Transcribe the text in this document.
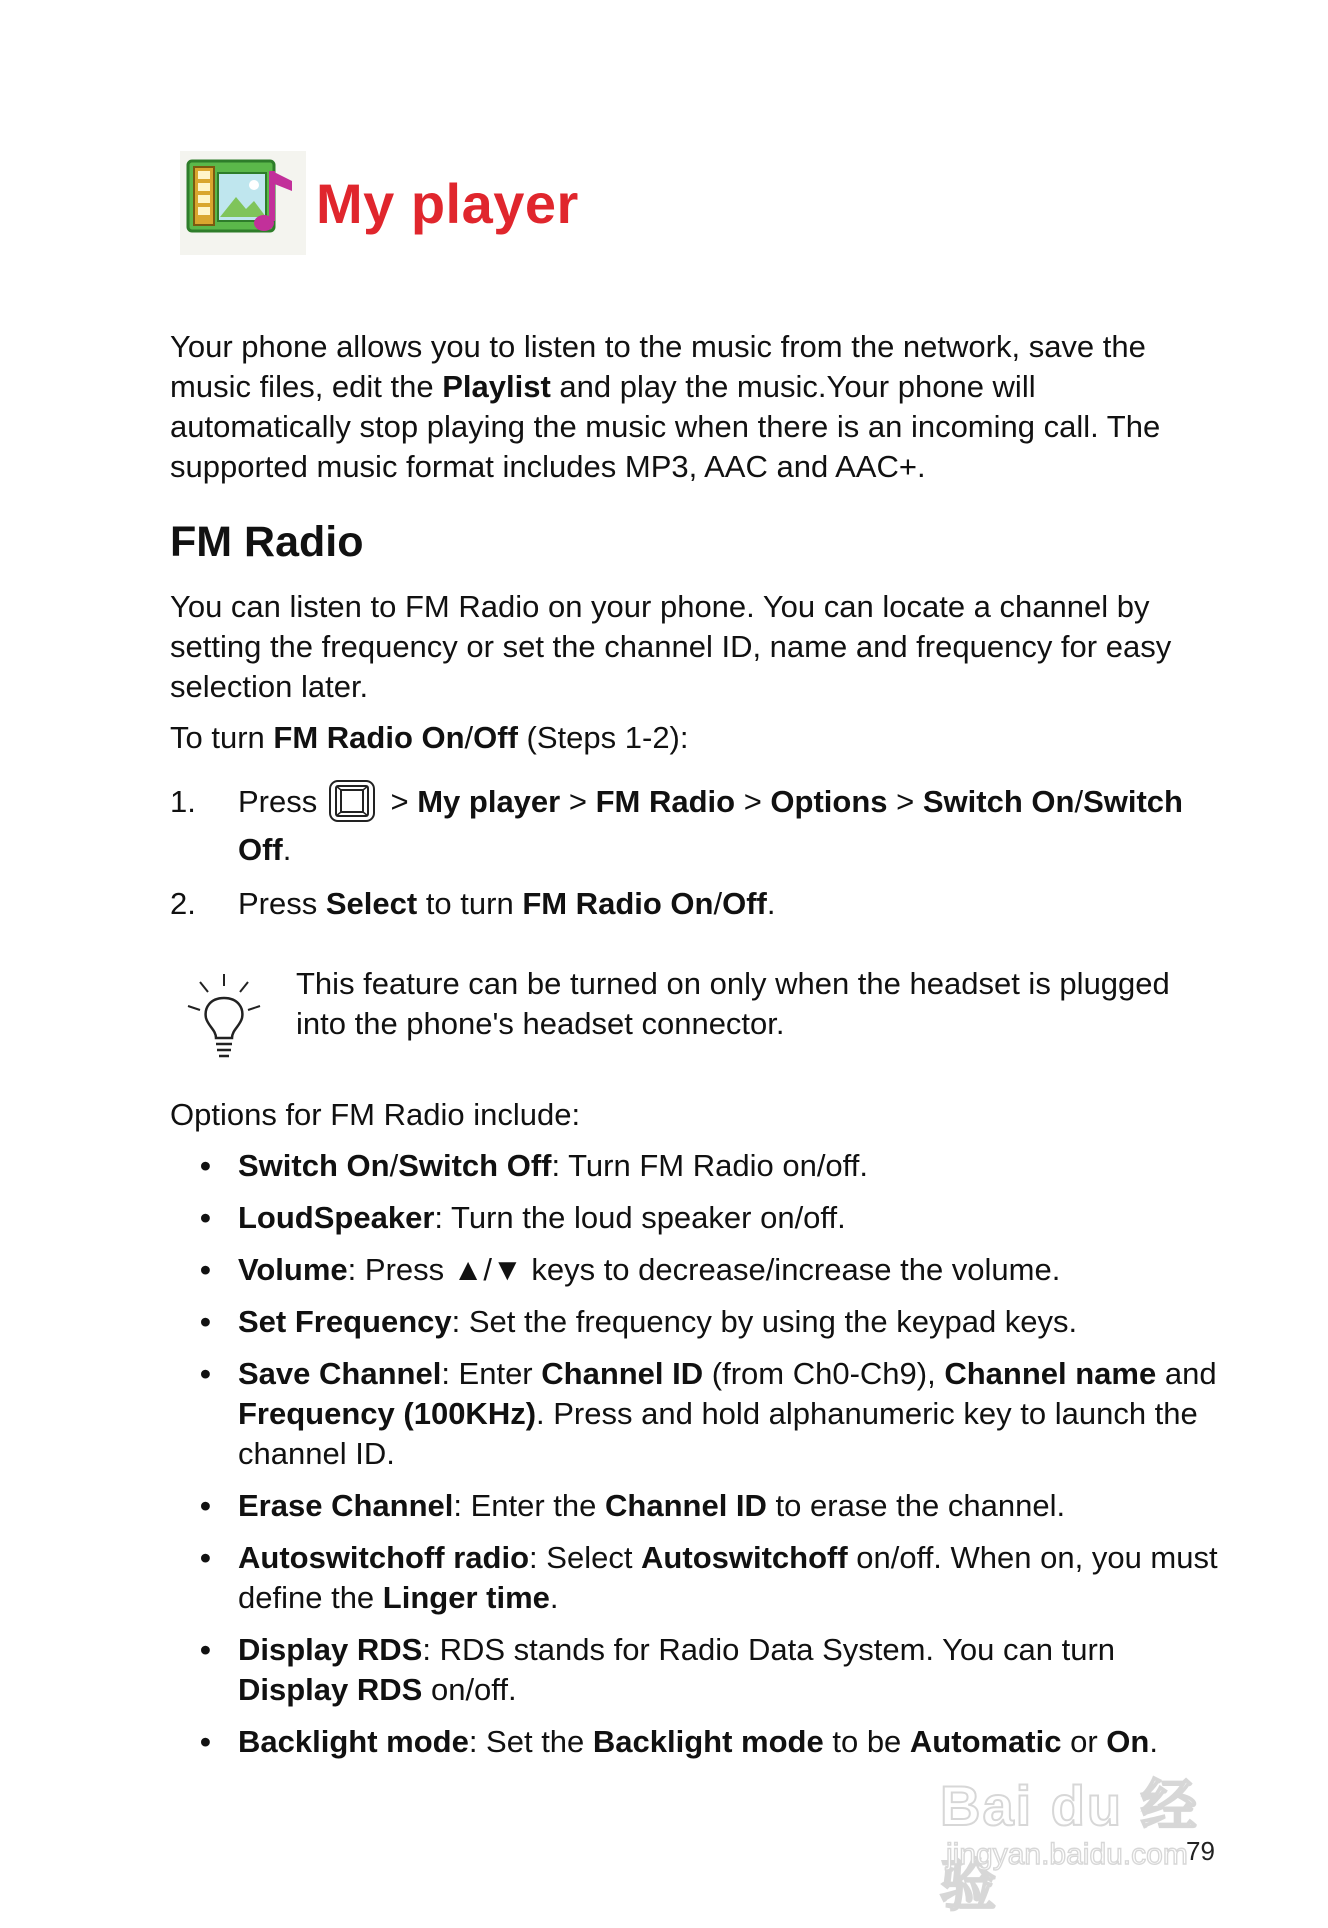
My player
Your phone allows you to listen to the music from the network, save the music files, edit the Playlist and play the music.Your phone will automatically stop playing the music when there is an incoming call. The supported music format includes MP3, AAC and AAC+.
FM Radio
You can listen to FM Radio on your phone. You can locate a channel by setting the frequency or set the channel ID, name and frequency for easy selection later.
To turn FM Radio On/Off (Steps 1-2):
1. Press  > My player > FM Radio > Options > Switch On/Switch Off.
2. Press Select to turn FM Radio On/Off.
This feature can be turned on only when the headset is plugged into the phone's headset connector.
Options for FM Radio include:
• Switch On/Switch Off: Turn FM Radio on/off.
• LoudSpeaker: Turn the loud speaker on/off.
• Volume: Press ▲/▼ keys to decrease/increase the volume.
• Set Frequency: Set the frequency by using the keypad keys.
• Save Channel: Enter Channel ID (from Ch0-Ch9), Channel name and Frequency (100KHz). Press and hold alphanumeric key to launch the channel ID.
• Erase Channel: Enter the Channel ID to erase the channel.
• Autoswitchoff radio: Select Autoswitchoff on/off. When on, you must define the Linger time.
• Display RDS: RDS stands for Radio Data System. You can turn Display RDS on/off.
• Backlight mode: Set the Backlight mode to be Automatic or On.
Bai du 经验
jingyan.baidu.com
79
